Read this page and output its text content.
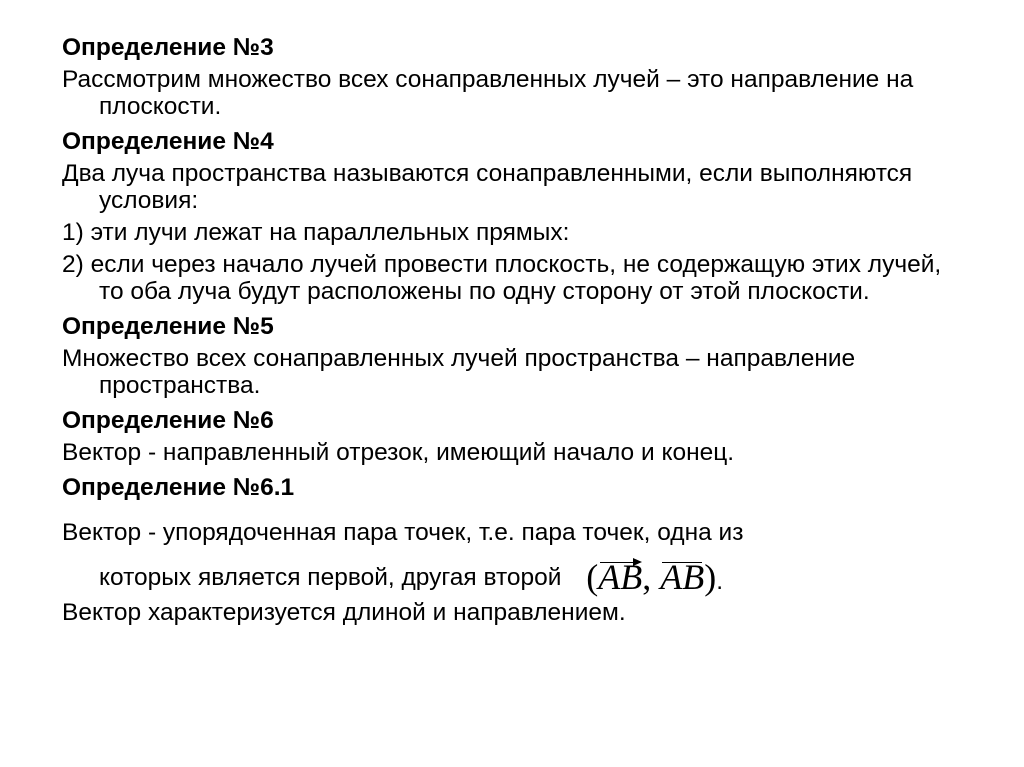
Определение №3
Рассмотрим множество всех сонаправленных лучей – это направление на плоскости.
Определение №4
Два луча пространства называются сонаправленными, если выполняются условия:
1) эти лучи лежат на параллельных прямых:
2) если через начало лучей провести плоскость, не содержащую этих лучей, то оба луча будут расположены по одну сторону от этой плоскости.
Определение №5
Множество всех сонаправленных лучей пространства – направление пространства.
Определение №6
Вектор - направленный отрезок, имеющий начало и конец.
Определение №6.1
Вектор - упорядоченная пара точек, т.е. пара точек, одна из
которых является первой, другая второй (AB, AB).
Вектор характеризуется длиной и направлением.
